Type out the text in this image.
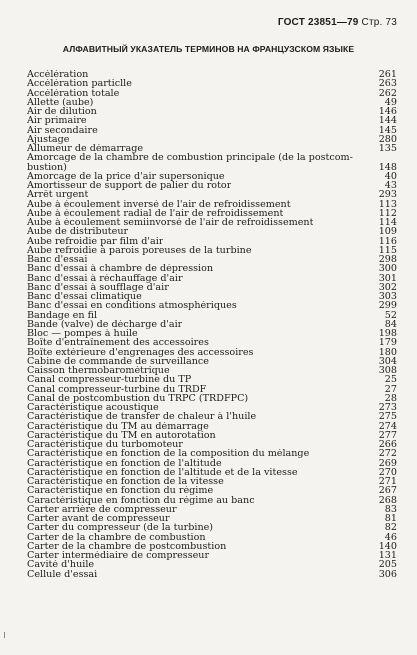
ГОСТ 23851—79 Стр. 73
АЛФАВИТНЫЙ УКАЗАТЕЛЬ ТЕРМИНОВ НА ФРАНЦУЗСКОМ ЯЗЫКЕ
Accélération	261
Accélération particlle	263
Accélération totale	262
Allette (aube)	49
Air de dilution	146
Air primaire	144
Air secondaire	145
Ajustage	280
Allumeur de démarrage	135
Amorcage de la chambre de combustion principale (de la postcom-
bustion)	148
Amorcage de la price d'air supersonique	40
Amortisseur de support de palier du rotor	43
Arrêt urgent	293
Aube à écoulement inversé de l'air de refroidissement	113
Aube à écoulement radial de l'air de refroidissement	112
Aube à écoulement semiinvorsé de l'air de refroidissement	114
Aube de distributeur	109
Aube refroidie par film d'air	116
Aube refroidie à parois poreuses de la turbine	115
Banc d'essai	298
Banc d'essai à chambre de dépression	300
Banc d'essai à réchauffage d'air	301
Banc d'essai à soufflage d'air	302
Banc d'essai climatique	303
Banc d'essai en conditions atmosphériques	299
Bandage en fil	52
Bande (valve) de décharge d'air	84
Bloc — pompes à huile	198
Boîte d'entraînement des accessoires	179
Boîte extérieure d'engrenages des accessoires	180
Cabine de commande de surveillance	304
Caisson thermobarométrique	308
Canal compresseur-turbine du TP	25
Canal compresseur-turbine du TRDF	27
Canal de postcombustion du TRPC (TRDFPC)	28
Caractéristique acoustique	273
Caractéristique de transfer de chaleur à l'huile	275
Caractéristique du TM au démarrage	274
Caractéristique du TM en autorotation	277
Caractéristique du turbomoteur	266
Caractéristique en fonction de la composition du mélange	272
Caractéristique en fonction de l'altitude	269
Caractéristique en fonction de l'altitude et de la vitesse	270
Caractéristique en fonction de la vitesse	271
Caractéristique en fonction du régime	267
Caractéristique en fonction du régime au banc	268
Carter arrière de compresseur	83
Carter avant de compresseur	81
Carter du compresseur (de la turbine)	82
Carter de la chambre de combustion	46
Carter de la chambre de postcombustion	140
Carter intermédiaire de compresseur	131
Cavité d'huile	205
Cellule d'essai	306
